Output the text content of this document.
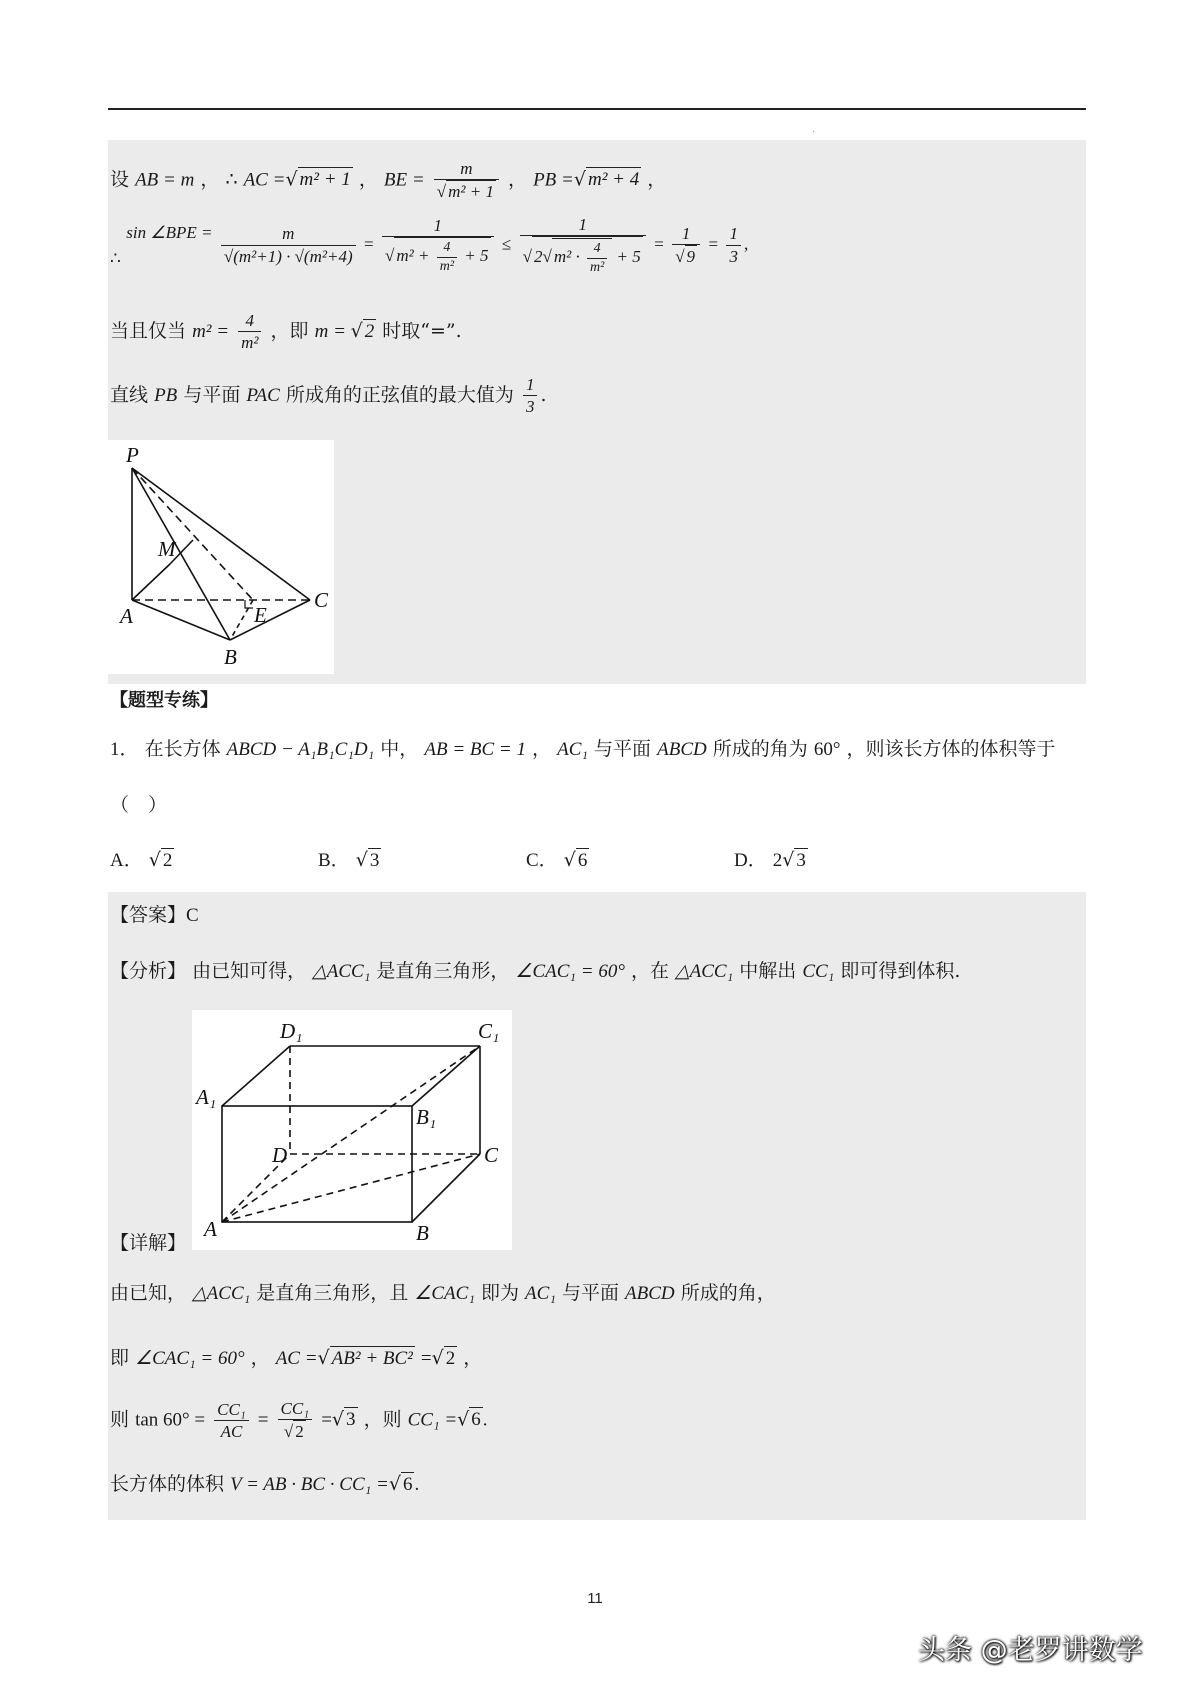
.
设 AB = m ， ∴ AC =√ m² + 1 ， BE = $\frac{m}{\text{√ m² + 1}}$ ， PB =√ m² + 4 ，
∴ sin ∠BPE = $\frac{m}{\text{√(m²+1) · √(m²+4)}} = \frac{1}{√ m^2 + \frac{4}{\text{m²}} + 5} \le \frac{1}{√ 2√ m^2 \cdot \frac{4}{\text{m²}} + 5} = \frac{1}{√ 9} = \frac{1}{3}$ ,
当且仅当 $m^2 = \frac{4}{\text{m²}}$ ，即 m = √ 2 时取“=”.
直线 PB 与平面 PAC 所成角的正弦值的最大值为 $\frac{1}{3}$ .
P
M
A	E
C
B
【题型专练】
1． 在长方体 ABCD − A₁B₁C₁D₁ 中， AB = BC = 1 ， AC₁ 与平面 ABCD 所成的角为 60° ，则该长方体的体积等于
（　）
A． √ 2	B． √ 3	C． √ 6	D． 2√ 3
【答案】C
【分析】 由已知可得， △ACC₁ 是直角三角形， ∠CAC₁ = 60° ，在 △ACC₁ 中解出 CC₁ 即可得到体积.
D₁	C₁
A₁
B₁
D	C
A	B
【详解】
由已知， △ACC₁ 是直角三角形，且 ∠CAC₁ 即为 AC₁ 与平面 ABCD 所成的角，
即 ∠CAC₁ = 60° ， AC =√ AB² + BC² =√ 2 ，
则 $\tan 60^\circ = \frac{\text{CC₁}}{AC} = \frac{\text{CC₁}}{√ 2}$ =√ 3 ，则 CC₁ =√ 6 .
长方体的体积 V = AB · BC · CC₁ =√ 6 .
11
头条 @老罗讲数学
